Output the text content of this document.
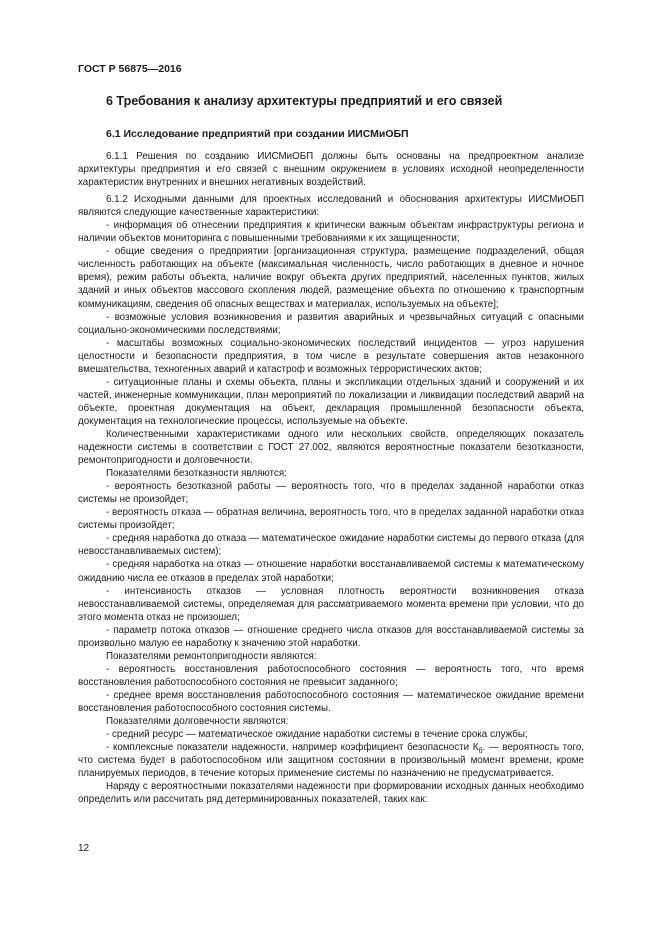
ГОСТ Р 56875—2016
6 Требования к анализу архитектуры предприятий и его связей
6.1 Исследование предприятий при создании ИИСМиОБП

6.1.1 Решения по созданию ИИСМиОБП должны быть основаны на предпроектном анализе архитектуры предприятия и его связей с внешним окружением в условиях исходной неопределенности характеристик внутренних и внешних негативных воздействий.

6.1.2 Исходными данными для проектных исследований и обоснования архитектуры ИИСМиОБП являются следующие качественные характеристики:

- информация об отнесении предприятия к критически важным объектам инфраструктуры региона и наличии объектов мониторинга с повышенными требованиями к их защищенности;

- общие сведения о предприятии [организационная структура, размещение подразделений, общая численность работающих на объекте (максимальная численность, число работающих в дневное и ночное время), режим работы объекта, наличие вокруг объекта других предприятий, населенных пунктов, жилых зданий и иных объектов массового скопления людей, размещение объекта по отношению к транспортным коммуникациям, сведения об опасных веществах и материалах, используемых на объекте];

- возможные условия возникновения и развития аварийных и чрезвычайных ситуаций с опасными социально-экономическими последствиями;

- масштабы возможных социально-экономических последствий инцидентов — угроз нарушения целостности и безопасности предприятия, в том числе в результате совершения актов незаконного вмешательства, техногенных аварий и катастроф и возможных террористических актов;

- ситуационные планы и схемы объекта, планы и экспликации отдельных зданий и сооружений и их частей, инженерные коммуникации, план мероприятий по локализации и ликвидации последствий аварий на объекте, проектная документация на объект, декларация промышленной безопасности объекта, документация на технологические процессы, используемые на объекте.

Количественными характеристиками одного или нескольких свойств, определяющих показатель надежности системы в соответствии с ГОСТ 27.002, являются вероятностные показатели безотказности, ремонтопригодности и долговечности.

Показателями безотказности являются:

- вероятность безотказной работы — вероятность того, что в пределах заданной наработки отказ системы не произойдет;

- вероятность отказа — обратная величина, вероятность того, что в пределах заданной наработки отказ системы произойдет;

- средняя наработка до отказа — математическое ожидание наработки системы до первого отказа (для невосстанавливаемых систем);

- средняя наработка на отказ — отношение наработки восстанавливаемой системы к математическому ожиданию числа ее отказов в пределах этой наработки;

- интенсивность отказов — условная плотность вероятности возникновения отказа невосстанавливаемой системы, определяемая для рассматриваемого момента времени при условии, что до этого момента отказ не произошел;

- параметр потока отказов — отношение среднего числа отказов для восстанавливаемой системы за произвольно малую ее наработку к значению этой наработки.

Показателями ремонтопригодности являются:

- вероятность восстановления работоспособного состояния — вероятность того, что время восстановления работоспособного состояния не превысит заданного;

- среднее время восстановления работоспособного состояния — математическое ожидание времени восстановления работоспособного состояния системы.

Показателями долговечности являются:

- средний ресурс — математическое ожидание наработки системы в течение срока службы;

- комплексные показатели надежности, например коэффициент безопасности $К_б$. — вероятность того, что система будет в работоспособном или защитном состоянии в произвольный момент времени, кроме планируемых периодов, в течение которых применение системы по назначению не предусматривается.

Наряду с вероятностными показателями надежности при формировании исходных данных необходимо определить или рассчитать ряд детерминированных показателей, таких как:

12
